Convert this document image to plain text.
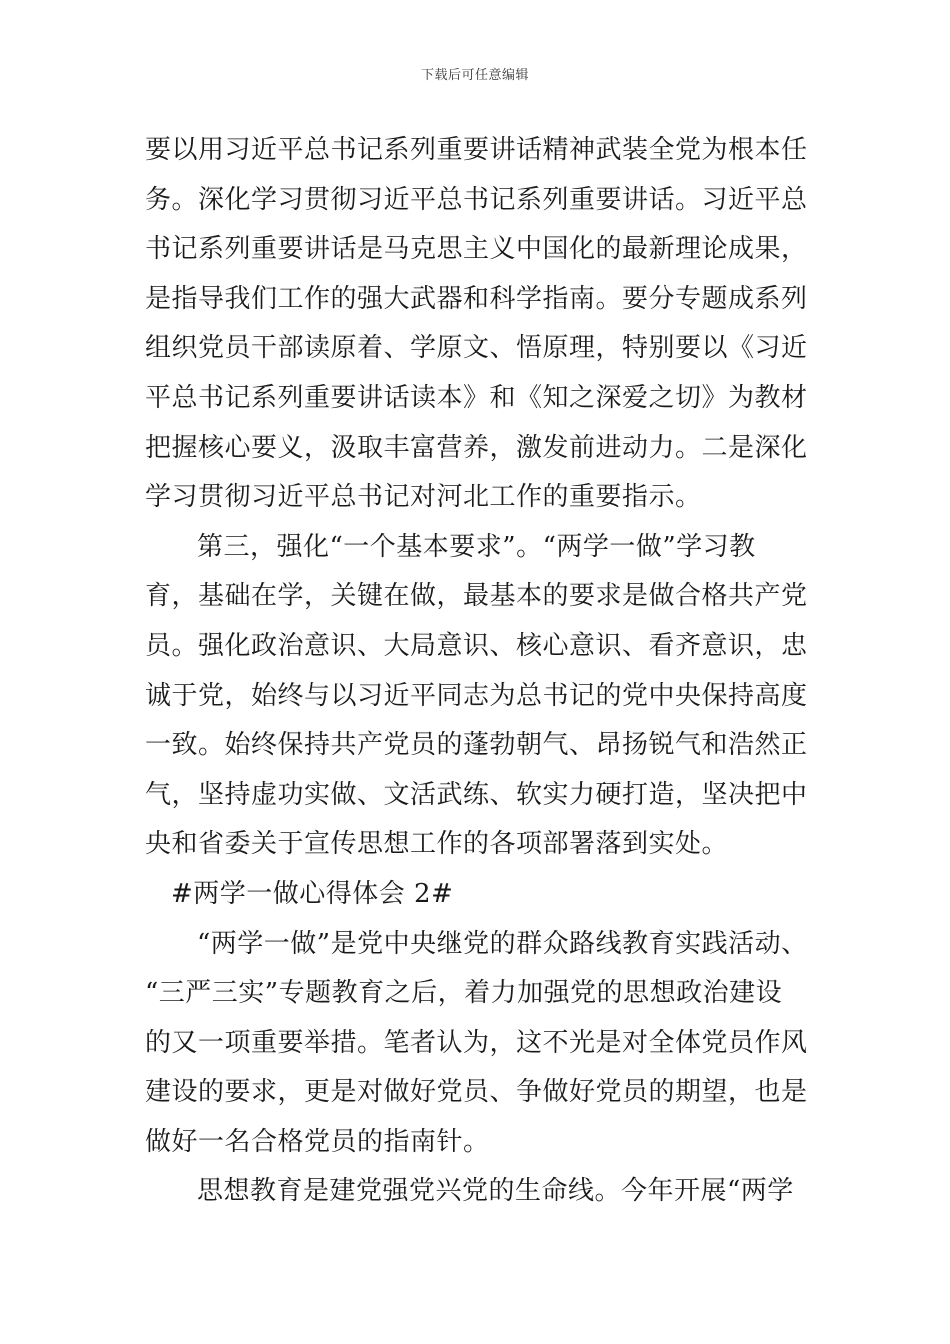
下载后可任意编辑
要以用习近平总书记系列重要讲话精神武装全党为根本任
务。深化学习贯彻习近平总书记系列重要讲话。习近平总
书记系列重要讲话是马克思主义中国化的最新理论成果，
是指导我们工作的强大武器和科学指南。要分专题成系列
组织党员干部读原着、学原文、悟原理，特别要以《习近
平总书记系列重要讲话读本》和《知之深爱之切》为教材
把握核心要义，汲取丰富营养，激发前进动力。二是深化
学习贯彻习近平总书记对河北工作的重要指示。
第三，强化“一个基本要求”。“两学一做”学习教
育，基础在学，关键在做，最基本的要求是做合格共产党
员。强化政治意识、大局意识、核心意识、看齐意识，忠
诚于党，始终与以习近平同志为总书记的党中央保持高度
一致。始终保持共产党员的蓬勃朝气、昂扬锐气和浩然正
气，坚持虚功实做、文活武练、软实力硬打造，坚决把中
央和省委关于宣传思想工作的各项部署落到实处。
#两学一做心得体会 2#
“两学一做”是党中央继党的群众路线教育实践活动、
“三严三实”专题教育之后，着力加强党的思想政治建设
的又一项重要举措。笔者认为，这不光是对全体党员作风
建设的要求，更是对做好党员、争做好党员的期望，也是
做好一名合格党员的指南针。
思想教育是建党强党兴党的生命线。今年开展“两学
